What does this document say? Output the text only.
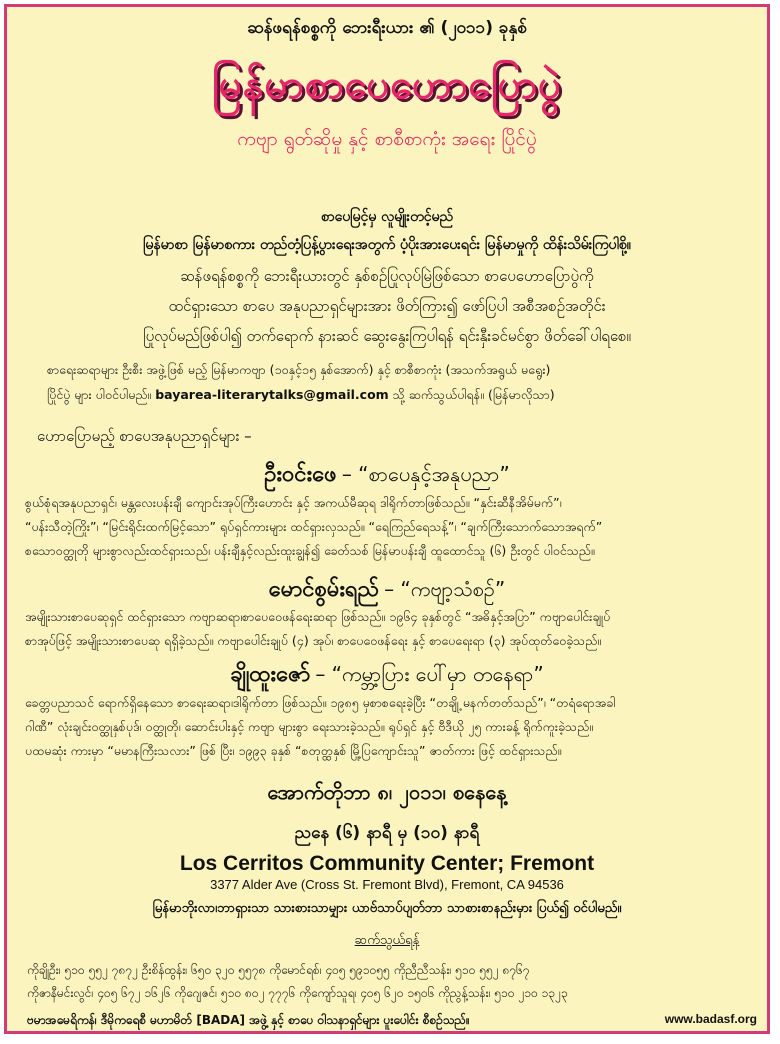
ဆန်ဖရန်စစ္စကို ဘေးရီးယား ၏ (၂၀၁၁) ခုနှစ်
မြန်မာစာပေဟောပြောပွဲ
ကဗျာ ရွတ်ဆိုမှု နှင့် စာစီစာကုံး အရေး ပြိုင်ပွဲ
စာပေမြင့်မှ လူမျိုးတင့်မည်
မြန်မာစာ မြန်မာစကား တည်တံ့ပြန့်ပွားရေးအတွက် ပံ့ပိုးအားပေးရင်း မြန်မာမှုကို ထိန်းသိမ်းကြပါစို့။
ဆန်ဖရန်စစ္စကို ဘေးရီးယားတွင် နှစ်စဉ်ပြုလုပ်မြဲဖြစ်သော စာပေဟောပြောပွဲကို
ထင်ရှားသော စာပေ အနုပညာရှင်များအား ဖိတ်ကြား၍ ဖော်ပြပါ အစီအစဉ်အတိုင်း
ပြုလုပ်မည်ဖြစ်ပါ၍ တက်ရောက် နားဆင် ဆွေးနွေးကြပါရန် ရင်းနှီးခင်မင်စွာ ဖိတ်ခေါ်ပါရစေ။
စာရေးဆရာများ ဦးစီး အဖွဲ့ဖြစ် မည့် မြန်မာကဗျာ (၁၀နှင့်၁၅ နှစ်အောက်) နှင့် စာစီစာကုံး (အသက်အရွယ် မရွေး)
ပြိုင်ပွဲ များ ပါဝင်ပါမည်။ bayarea-literarytalks@gmail.com သို့ ဆက်သွယ်ပါရန်။ (မြန်မာလိုသာ)
ဟောပြောမည့် စာပေအနုပညာရှင်များ –
ဦးဝင်းဖေ – “စာပေနှင့်အနုပညာ”
စွယ်စုံရအနုပညာရှင်၊ မန္တလေးပန်းချီ ကျောင်းအုပ်ကြီးဟောင်း နှင့် အကယ်မီဆုရ ဒါရိုက်တာဖြစ်သည်။ “နှင်းဆီနီအိမ်မက်”၊
“ပန်းသီတဲ့ကြိုး”၊ “မြင်းရိုင်းထက်မြင့်သော” ရုပ်ရှင်ကားများ ထင်ရှားလှသည်။ “ရေကြည်ရေသန့်”၊ “ချက်ကြီးသောက်သောအရက်”
စသောဝတ္ထုတို များစွာလည်းထင်ရှားသည်၊ ပန်းချီနှင့်လည်းထူးချွန်၍ ခေတ်သစ် မြန်မာပန်းချီ ထူထောင်သူ (၆) ဦးတွင် ပါဝင်သည်။
မောင်စွမ်းရည် – “ကဗျာ့သံစဉ်”
အမျိုးသားစာပေဆုရှင် ထင်ရှားသော ကဗျာဆရာ၊စာပေဝေဖန်ရေးဆရာ ဖြစ်သည်။ ၁၉၆၄ ခုနှစ်တွင် “အဓိနှင့်အပြာ” ကဗျာပေါင်းချုပ်
စာအုပ်ဖြင့် အမျိုးသားစာပေဆု ရရှိခဲ့သည်။ ကဗျာပေါင်းချုပ် (၄) အုပ်၊ စာပေဝေဖန်ရေး နှင့် စာပေရေးရာ (၃) အုပ်ထုတ်ဝေခဲ့သည်။
ချိုထူးဇော် – “ကမ္ဘာ့ပြား ပေါ်မှာ တနေရာ”
ခေတ္တပညာသင် ရောက်ရှိနေသော စာရေးဆရာ၊ဒါရိုက်တာ ဖြစ်သည်။ ၁၉၈၅ မှစာစရေးခဲ့ပြီး “တချို့ မနက်တတ်သည်”၊ “တရံရောအခါ
ဂါဏီ” လုံးချင်းဝတ္ထုနှစ်ပုဒ်၊ ဝတ္ထုတို၊ ဆောင်းပါးနှင့် ကဗျာ များစွာ ရေးသားခဲ့သည်။ ရုပ်ရှင် နှင့် ဗီဒီယို ၂၅ ကားခန့် ရိုက်ကူးခဲ့သည်။
ပထမဆုံး ကားမှာ “မမာနကြီးသလား” ဖြစ် ပြီး၊ ၁၉၉၃ ခုနှစ် “စတုတ္ထနှစ် မြို့ပြကျောင်းသူ” ဇာတ်ကား ဖြင့် ထင်ရှားသည်။
အောက်တိုဘာ ၈၊ ၂၀၁၁၊ စနေနေ့
ညနေ (၆) နာရီ မှ (၁၀) နာရီ
Los Cerritos Community Center; Fremont
3377 Alder Ave (Cross St. Fremont Blvd), Fremont, CA 94536
မြန်မာဘိုးလာ၊ဘာရှားသာ သားစားသာမျှား ယာဗ်သာပ်ပျတ်ဘာ သာစားစာနည်းမှား ပြယ်၍ ဝင်ပါမည်။
ဆက်သွယ်ရန်
ကိုချိုဦး၊ ၅၁၀ ၅၅၂ ၇၈၇၂ ဦးစိန်ထွန်း၊ ၆၅၀ ၃၂၀ ၅၅၇၈ ကိုမောင်ရစ်၊ ၄၀၅ ၅၉၁၀၅၅ ကိုညီညီသန်း၊ ၅၁၀ ၅၅၂ ၈၇၆၇
ကိုဇာနီမင်းလွင်၊ ၄၀၅ ၆၇၂ ၁၆၂၆ ကိုဂျေဇင်၊ ၅၁၀ ၈၀၂ ၇၇၇၆ ကိုကျော်သူရ၊ ၄၀၅ ၆၂၀ ၁၅၀၆ ကိုညွန့်သန်း၊ ၅၁၀ ၂၁၀ ၁၃၂၃
ဗမာအမေရိကန်၊ ဒီမိုကရေစီ မဟာမိတ် [BADA] အဖွဲ့ နှင့် စာပေ ဝါသနာရှင်များ ပူးပေါင်း စီစဉ်သည်။	www.badasf.org
